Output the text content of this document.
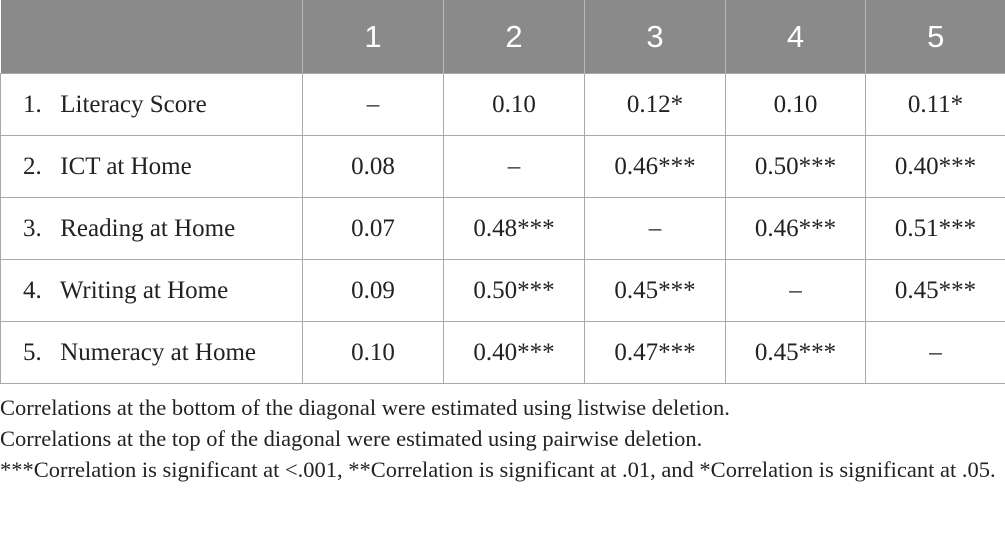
	1	2	3	4	5
1. Literacy Score	–	0.10	0.12*	0.10	0.11*
2. ICT at Home	0.08	–	0.46***	0.50***	0.40***
3. Reading at Home	0.07	0.48***	–	0.46***	0.51***
4. Writing at Home	0.09	0.50***	0.45***	–	0.45***
5. Numeracy at Home	0.10	0.40***	0.47***	0.45***	–

Correlations at the bottom of the diagonal were estimated using listwise deletion.

Correlations at the top of the diagonal were estimated using pairwise deletion.

***Correlation is significant at <.001, **Correlation is significant at .01, and *Correlation is significant at .05.
